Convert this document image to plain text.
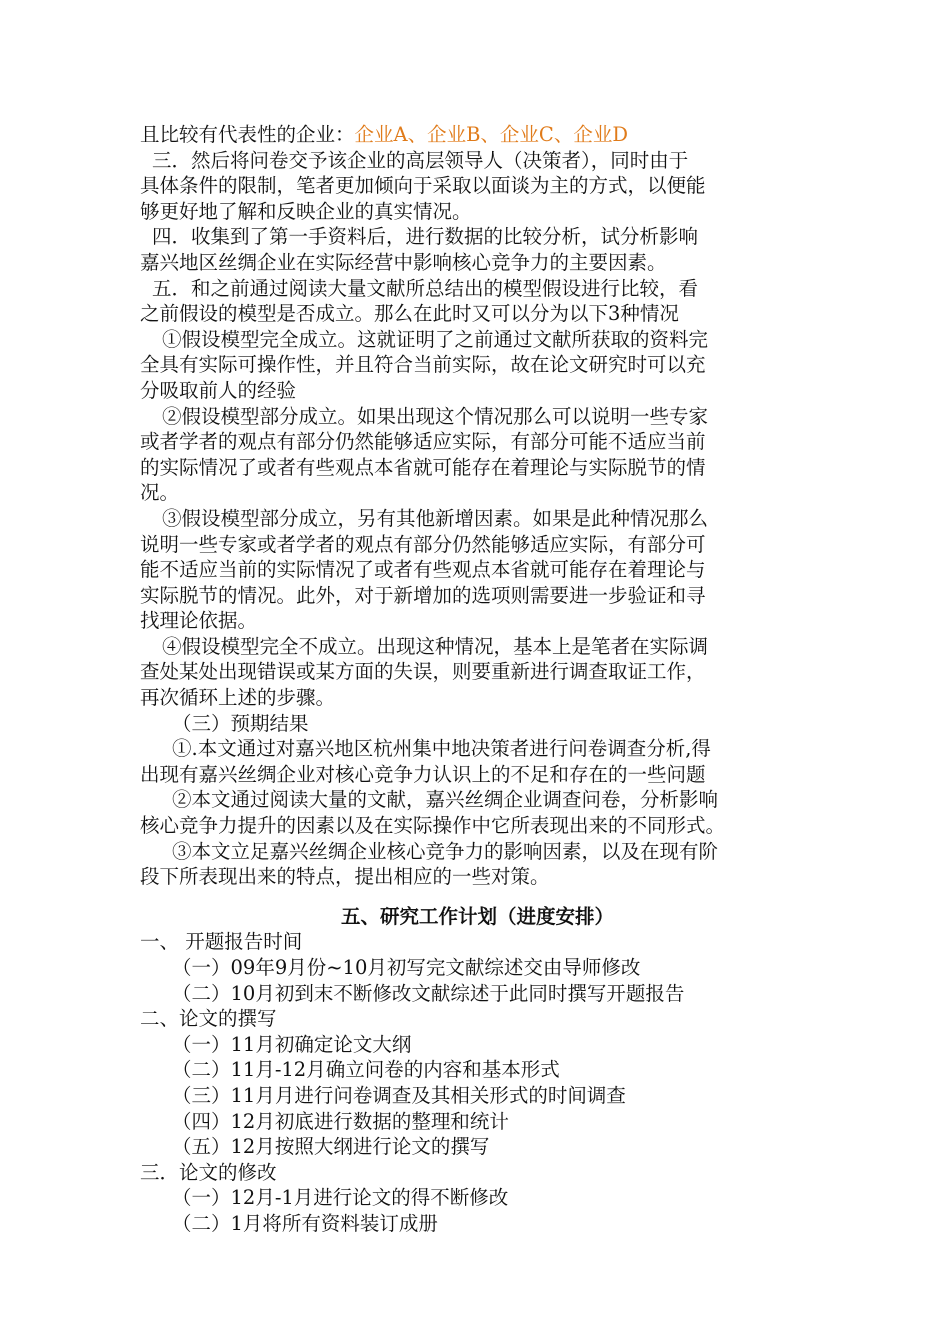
且比较有代表性的企业：企业A、企业B、企业C、企业D
三．然后将问卷交予该企业的高层领导人（决策者），同时由于
具体条件的限制，笔者更加倾向于采取以面谈为主的方式，以便能
够更好地了解和反映企业的真实情况。
四．收集到了第一手资料后，进行数据的比较分析，试分析影响
嘉兴地区丝绸企业在实际经营中影响核心竞争力的主要因素。
五．和之前通过阅读大量文献所总结出的模型假设进行比较，看
之前假设的模型是否成立。那么在此时又可以分为以下3种情况
①假设模型完全成立。这就证明了之前通过文献所获取的资料完
全具有实际可操作性，并且符合当前实际，故在论文研究时可以充
分吸取前人的经验
②假设模型部分成立。如果出现这个情况那么可以说明一些专家
或者学者的观点有部分仍然能够适应实际，有部分可能不适应当前
的实际情况了或者有些观点本省就可能存在着理论与实际脱节的情
况。
③假设模型部分成立，另有其他新增因素。如果是此种情况那么
说明一些专家或者学者的观点有部分仍然能够适应实际，有部分可
能不适应当前的实际情况了或者有些观点本省就可能存在着理论与
实际脱节的情况。此外，对于新增加的选项则需要进一步验证和寻
找理论依据。
④假设模型完全不成立。出现这种情况，基本上是笔者在实际调
查处某处出现错误或某方面的失误，则要重新进行调查取证工作，
再次循环上述的步骤。
（三）预期结果
①.本文通过对嘉兴地区杭州集中地决策者进行问卷调查分析,得
出现有嘉兴丝绸企业对核心竞争力认识上的不足和存在的一些问题
②本文通过阅读大量的文献，嘉兴丝绸企业调查问卷，分析影响
核心竞争力提升的因素以及在实际操作中它所表现出来的不同形式。
③本文立足嘉兴丝绸企业核心竞争力的影响因素，以及在现有阶
段下所表现出来的特点，提出相应的一些对策。
五、研究工作计划（进度安排）
一、 开题报告时间
（一）09年9月份~10月初写完文献综述交由导师修改
（二）10月初到末不断修改文献综述于此同时撰写开题报告
二、论文的撰写
（一）11月初确定论文大纲
（二）11月-12月确立问卷的内容和基本形式
（三）11月月进行问卷调查及其相关形式的时间调查
（四）12月初底进行数据的整理和统计
（五）12月按照大纲进行论文的撰写
三．论文的修改
（一）12月-1月进行论文的得不断修改
（二）1月将所有资料装订成册
